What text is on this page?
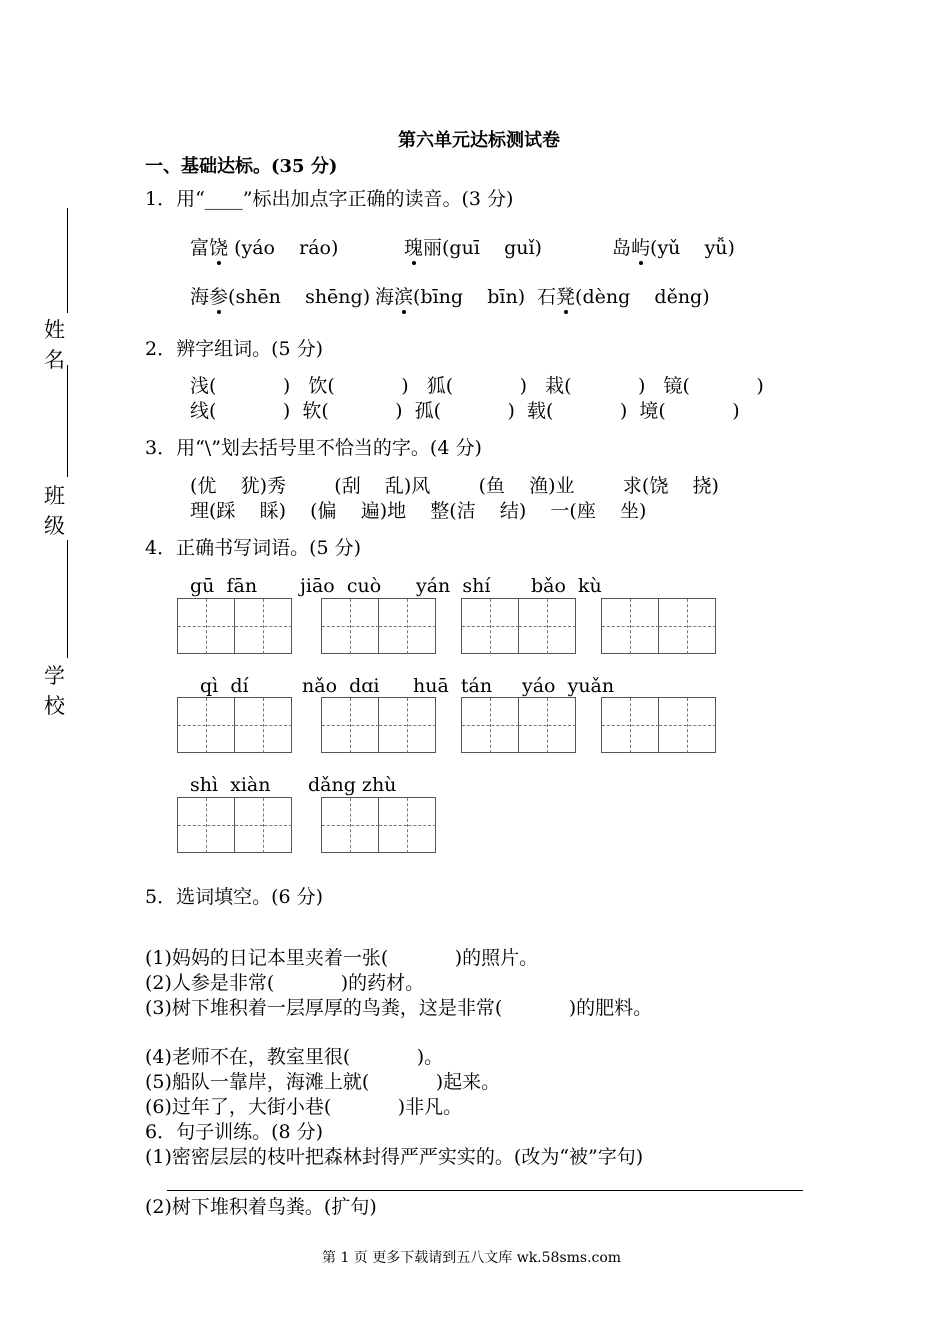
姓名
班级
学校
第六单元达标测试卷
一、基础达标。(35 分)
1．用“____”标出加点字正确的读音。(3 分)
富饶 (yáo    ráo)	瑰丽(guī    guǐ)	岛屿(yǔ    yǚ)
海参(shēn    shēng) 海滨(bīng    bīn) 石凳(dèng    děng)
2．辨字组词。(5 分)
浅(           )   饮(           )   狐(           )   栽(           )   镜(           )
线(           )  软(           )  孤(           )  载(           )  境(           )
3．用“\”划去括号里不恰当的字。(4 分)
(优    犹)秀        (刮    乱)风        (鱼    渔)业        求(饶    挠)
理(踩    睬)    (偏    遍)地    整(洁    结)    一(座    坐)
4．正确书写词语。(5 分)
gū  fān jiāo  cuò yán  shí bǎo  kù
qì  dí	nǎo  dɑi huā  tán yáo  yuǎn
shì  xiàn dǎng zhù
5．选词填空。(6 分)
(1)妈妈的日记本里夹着一张(           )的照片。
(2)人参是非常(           )的药材。
(3)树下堆积着一层厚厚的鸟粪，这是非常(           )的肥料。
(4)老师不在，教室里很(           )。
(5)船队一靠岸，海滩上就(           )起来。
(6)过年了，大街小巷(           )非凡。
6．句子训练。(8 分)
(1)密密层层的枝叶把森林封得严严实实的。(改为“被”字句)
(2)树下堆积着鸟粪。(扩句)
第 1 页 更多下载请到五八文库 wk.58sms.com
